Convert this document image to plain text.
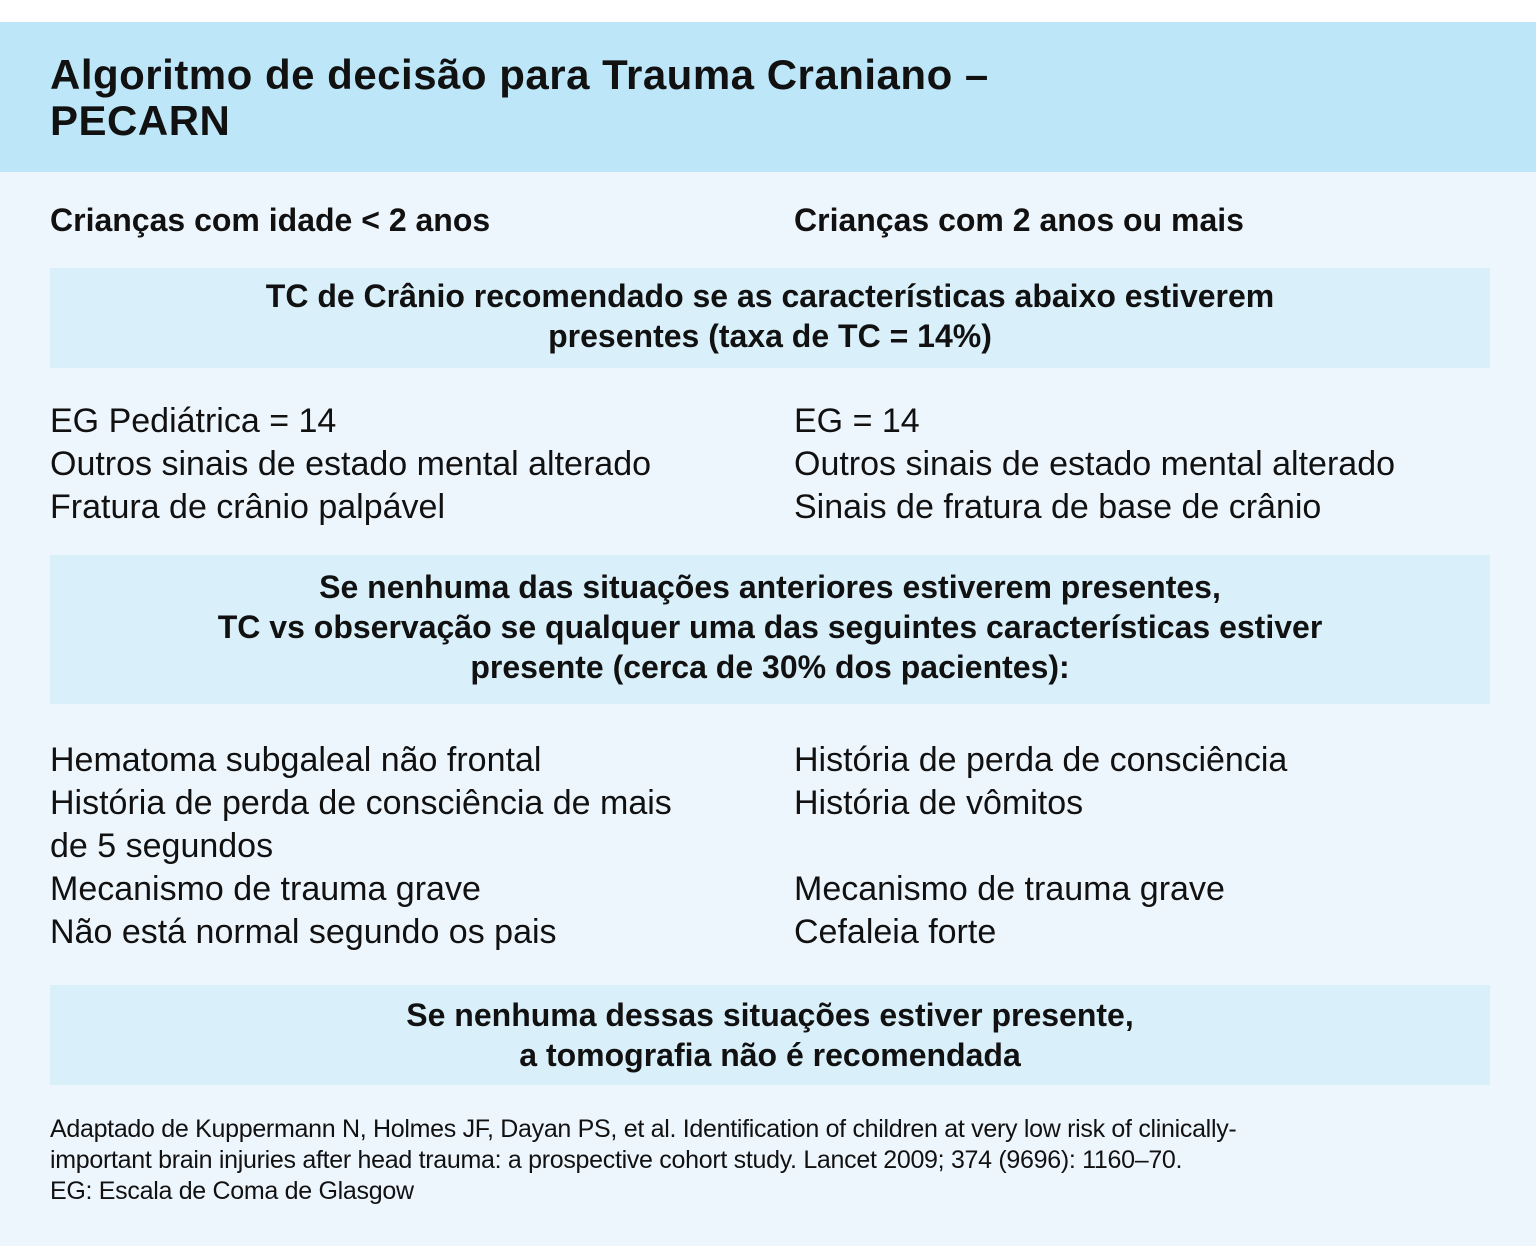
Algoritmo de decisão para Trauma Craniano –
PECARN
Crianças com idade < 2 anos	Crianças com 2 anos ou mais
TC de Crânio recomendado se as características abaixo estiverem
presentes (taxa de TC = 14%)
EG Pediátrica = 14
Outros sinais de estado mental alterado
Fratura de crânio palpável
EG = 14
Outros sinais de estado mental alterado
Sinais de fratura de base de crânio
Se nenhuma das situações anteriores estiverem presentes,
TC vs observação se qualquer uma das seguintes características estiver
presente (cerca de 30% dos pacientes):
Hematoma subgaleal não frontal
História de perda de consciência de mais de 5 segundos
Mecanismo de trauma grave
Não está normal segundo os pais
História de perda de consciência
História de vômitos
Mecanismo de trauma grave
Cefaleia forte
Se nenhuma dessas situações estiver presente,
a tomografia não é recomendada
Adaptado de Kuppermann N, Holmes JF, Dayan PS, et al. Identification of children at very low risk of clinically-
important brain injuries after head trauma: a prospective cohort study. Lancet 2009; 374 (9696): 1160–70.
EG: Escala de Coma de Glasgow
